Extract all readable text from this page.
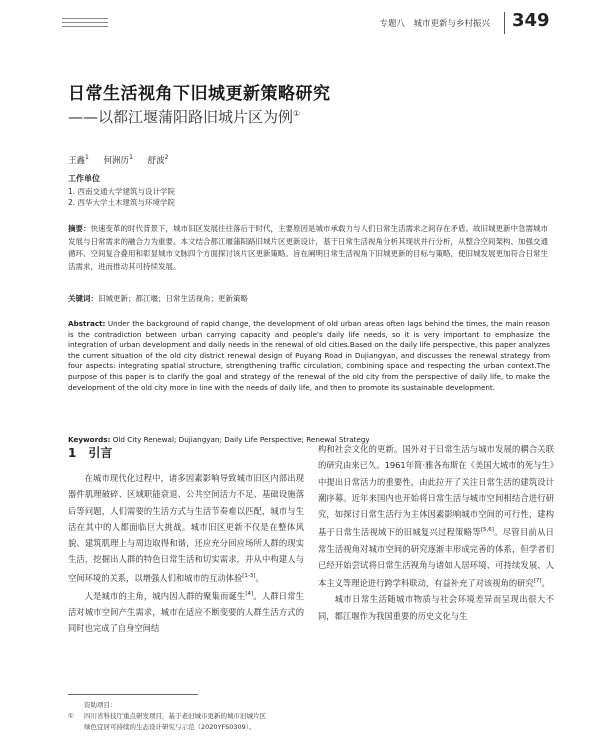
专题八　城市更新与乡村振兴 349
日常生活视角下旧城更新策略研究
——以都江堰蒲阳路旧城片区为例①
王鑫$^1$ 何洲历$^1$ 舒波$^2$
工作单位
1. 西南交通大学建筑与设计学院
2. 西华大学土木建筑与环境学院

摘要：快速变革的时代背景下，城市旧区发展往往落后于时代，主要原因是城市承载力与人们日常生活需求之间存在矛盾。故旧城更新中急需城市发展与日常需求的融合力为重要。本文结合都江堰蒲阳路旧城片区更新设计，基于日常生活视角分析其现状并行分析，从整合空间架构、加强交通循环、空间复合叠用和彰显城市文脉四个方面探讨该片区更新策略。旨在阐明日常生活视角下旧城更新的目标与策略，使旧城发展更加符合日常生活需求，进而推动其可持续发展。

关键词：旧城更新；都江堰；日常生活视角；更新策略

Abstract: Under the background of rapid change, the development of old urban areas often lags behind the times, the main reason is the contradiction between urban carrying capacity and people's daily life needs, so it is very important to emphasize the integration of urban development and daily needs in the renewal of old cities.Based on the daily life perspective, this paper analyzes the current situation of the old city district renewal design of Puyang Road in Dujiangyan, and discusses the renewal strategy from four aspects: integrating spatial structure, strengthening traffic circulation, combining space and respecting the urban context.The purpose of this paper is to clarify the goal and strategy of the renewal of the old city from the perspective of daily life, to make the development of the old city more in line with the needs of daily life, and then to promote its sustainable development.

Keywords: Old City Renewal; Dujiangyan; Daily Life Perspective; Renewal Strategy
1　引言

在城市现代化过程中，诸多因素影响导致城市旧区内部出现器件肌理破碎、区域职能衰退、公共空间活力不足、基础设施落后等问题，人们需要的生活方式与生活节奏难以匹配，城市与生活在其中的人都面临巨大挑战。城市旧区更新不仅是在整体风貌、建筑肌理上与周边取得和谐，还应充分回应场所人群的现实生活，挖掘出人群的特色日常生活和切实需求，并从中构建人与空间环境的关系，以增强人们和城市的互动体验[1-3]。

人是城市的主角，城内因人群的聚集而诞生[4]。人群日常生活对城市空间产生需求，城市在适应不断变要的人群生活方式的同时也完成了自身空间结

构和社会文化的更新。国外对于日常生活与城市发展的耦合关联的研究由来已久。1961年简·雅各布斯在《美国大城市的死与生》中提出日常活力的重要性，由此拉开了关注日常生活的建筑设计潮序幕。近年来国内也开始将日常生活与城市空间相结合进行研究，如探讨日常生活行为主体因素影响城市空间的可行性，建构基于日常生活视域下的旧城复兴过程策略等[5,6]。尽管目前从日常生活视角对城市空间的研究逐渐丰形成完善的体系，但学者们已经开始尝试将日常生活视角与诸如人居环境、可持续发展、人本主义等理论进行跨学科联动，有益补充了对该视角的研究[7]。

城市日常生活随城市物质与社会环境差异而呈现出很大不同，都江堰作为我国重要的历史文化与生

资助项目：
① 四川省科技厅重点研发项目，基于老旧城市更新的城市旧城片区
绿色宜居可持续的生态设计研究与示范（2020YFS0309）。
